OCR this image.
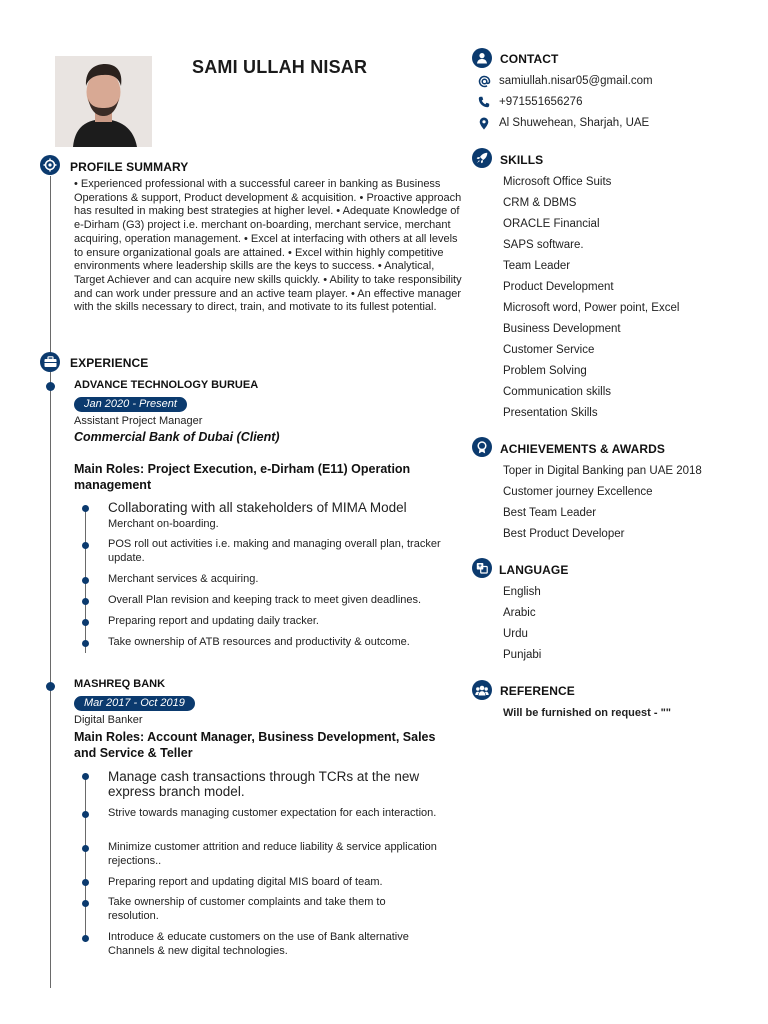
SAMI ULLAH NISAR
PROFILE SUMMARY
• Experienced professional with a successful career in banking as Business Operations & support, Product development & acquisition. • Proactive approach has resulted in making best strategies at higher level. • Adequate Knowledge of e-Dirham (G3) project i.e. merchant on-boarding, merchant service, merchant acquiring, operation management. • Excel at interfacing with others at all levels to ensure organizational goals are attained. • Excel within highly competitive environments where leadership skills are the keys to success. • Analytical, Target Achiever and can acquire new skills quickly. • Ability to take responsibility and can work under pressure and an active team player. • An effective manager with the skills necessary to direct, train, and motivate to its fullest potential.
EXPERIENCE
ADVANCE TECHNOLOGY BURUEA
Jan 2020 - Present
Assistant Project Manager
Commercial Bank of Dubai (Client)
Main Roles: Project Execution, e-Dirham (E11) Operation management
Collaborating with all stakeholders of MIMA Model Merchant on-boarding.
POS roll out activities i.e. making and managing overall plan, tracker update.
Merchant services & acquiring.
Overall Plan revision and keeping track to meet given deadlines.
Preparing report and updating daily tracker.
Take ownership of ATB resources and productivity & outcome.
MASHREQ BANK
Mar 2017 - Oct 2019
Digital Banker
Main Roles: Account Manager, Business Development, Sales and Service & Teller
Manage cash transactions through TCRs at the new express branch model.
Strive towards managing customer expectation for each interaction.
Minimize customer attrition and reduce liability & service application rejections..
Preparing report and updating digital MIS board of team.
Take ownership of customer complaints and take them to resolution.
Introduce & educate customers on the use of Bank alternative Channels & new digital technologies.
CONTACT
samiullah.nisar05@gmail.com
+971551656276
Al Shuwehean, Sharjah, UAE
SKILLS
Microsoft Office Suits
CRM & DBMS
ORACLE Financial
SAPS software.
Team Leader
Product Development
Microsoft word, Power point, Excel
Business Development
Customer Service
Problem Solving
Communication skills
Presentation Skills
ACHIEVEMENTS & AWARDS
Toper in Digital Banking pan UAE 2018
Customer journey Excellence
Best Team Leader
Best Product Developer
LANGUAGE
English
Arabic
Urdu
Punjabi
REFERENCE
Will be furnished on request - ""
